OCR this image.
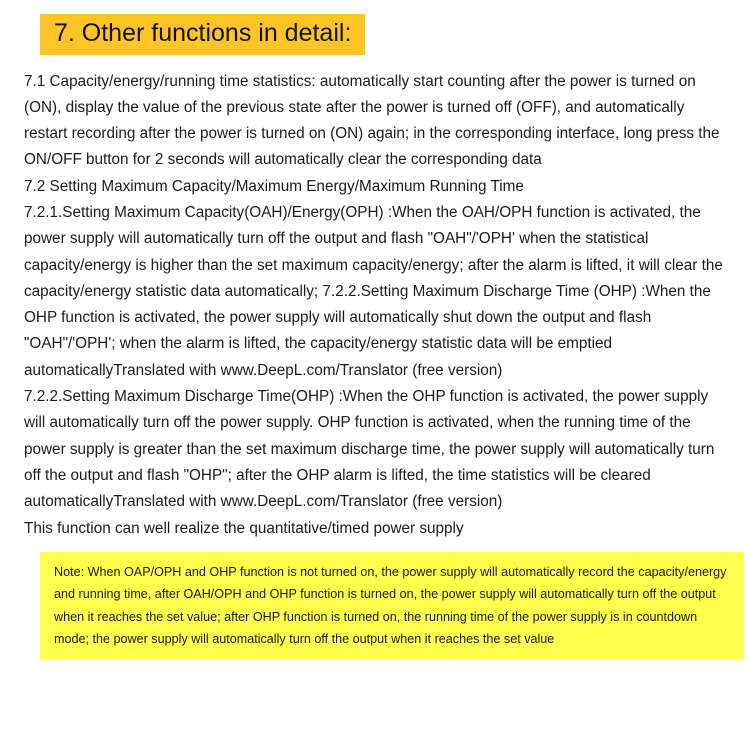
7. Other functions in detail:

7.1 Capacity/energy/running time statistics: automatically start counting after the power is turned on (ON), display the value of the previous state after the power is turned off (OFF), and automatically restart recording after the power is turned on (ON) again; in the corresponding interface, long press the ON/OFF button for 2 seconds will automatically clear the corresponding data

7.2 Setting Maximum Capacity/Maximum Energy/Maximum Running Time

7.2.1.Setting Maximum Capacity(OAH)/Energy(OPH) :When the OAH/OPH function is activated, the power supply will automatically turn off the output and flash "OAH"/'OPH' when the statistical capacity/energy is higher than the set maximum capacity/energy; after the alarm is lifted, it will clear the capacity/energy statistic data automatically; 7.2.2.Setting Maximum Discharge Time (OHP) :When the OHP function is activated, the power supply will automatically shut down the output and flash "OAH"/'OPH'; when the alarm is lifted, the capacity/energy statistic data will be emptied automaticallyTranslated with www.DeepL.com/Translator (free version)

7.2.2.Setting Maximum Discharge Time(OHP) :When the OHP function is activated, the power supply will automatically turn off the power supply. OHP function is activated, when the running time of the power supply is greater than the set maximum discharge time, the power supply will automatically turn off the output and flash "OHP"; after the OHP alarm is lifted, the time statistics will be cleared automaticallyTranslated with www.DeepL.com/Translator (free version)

This function can well realize the quantitative/timed power supply

Note: When OAP/OPH and OHP function is not turned on, the power supply will automatically record the capacity/energy and running time, after OAH/OPH and OHP function is turned on, the power supply will automatically turn off the output when it reaches the set value; after OHP function is turned on, the running time of the power supply is in countdown mode; the power supply will automatically turn off the output when it reaches the set value
